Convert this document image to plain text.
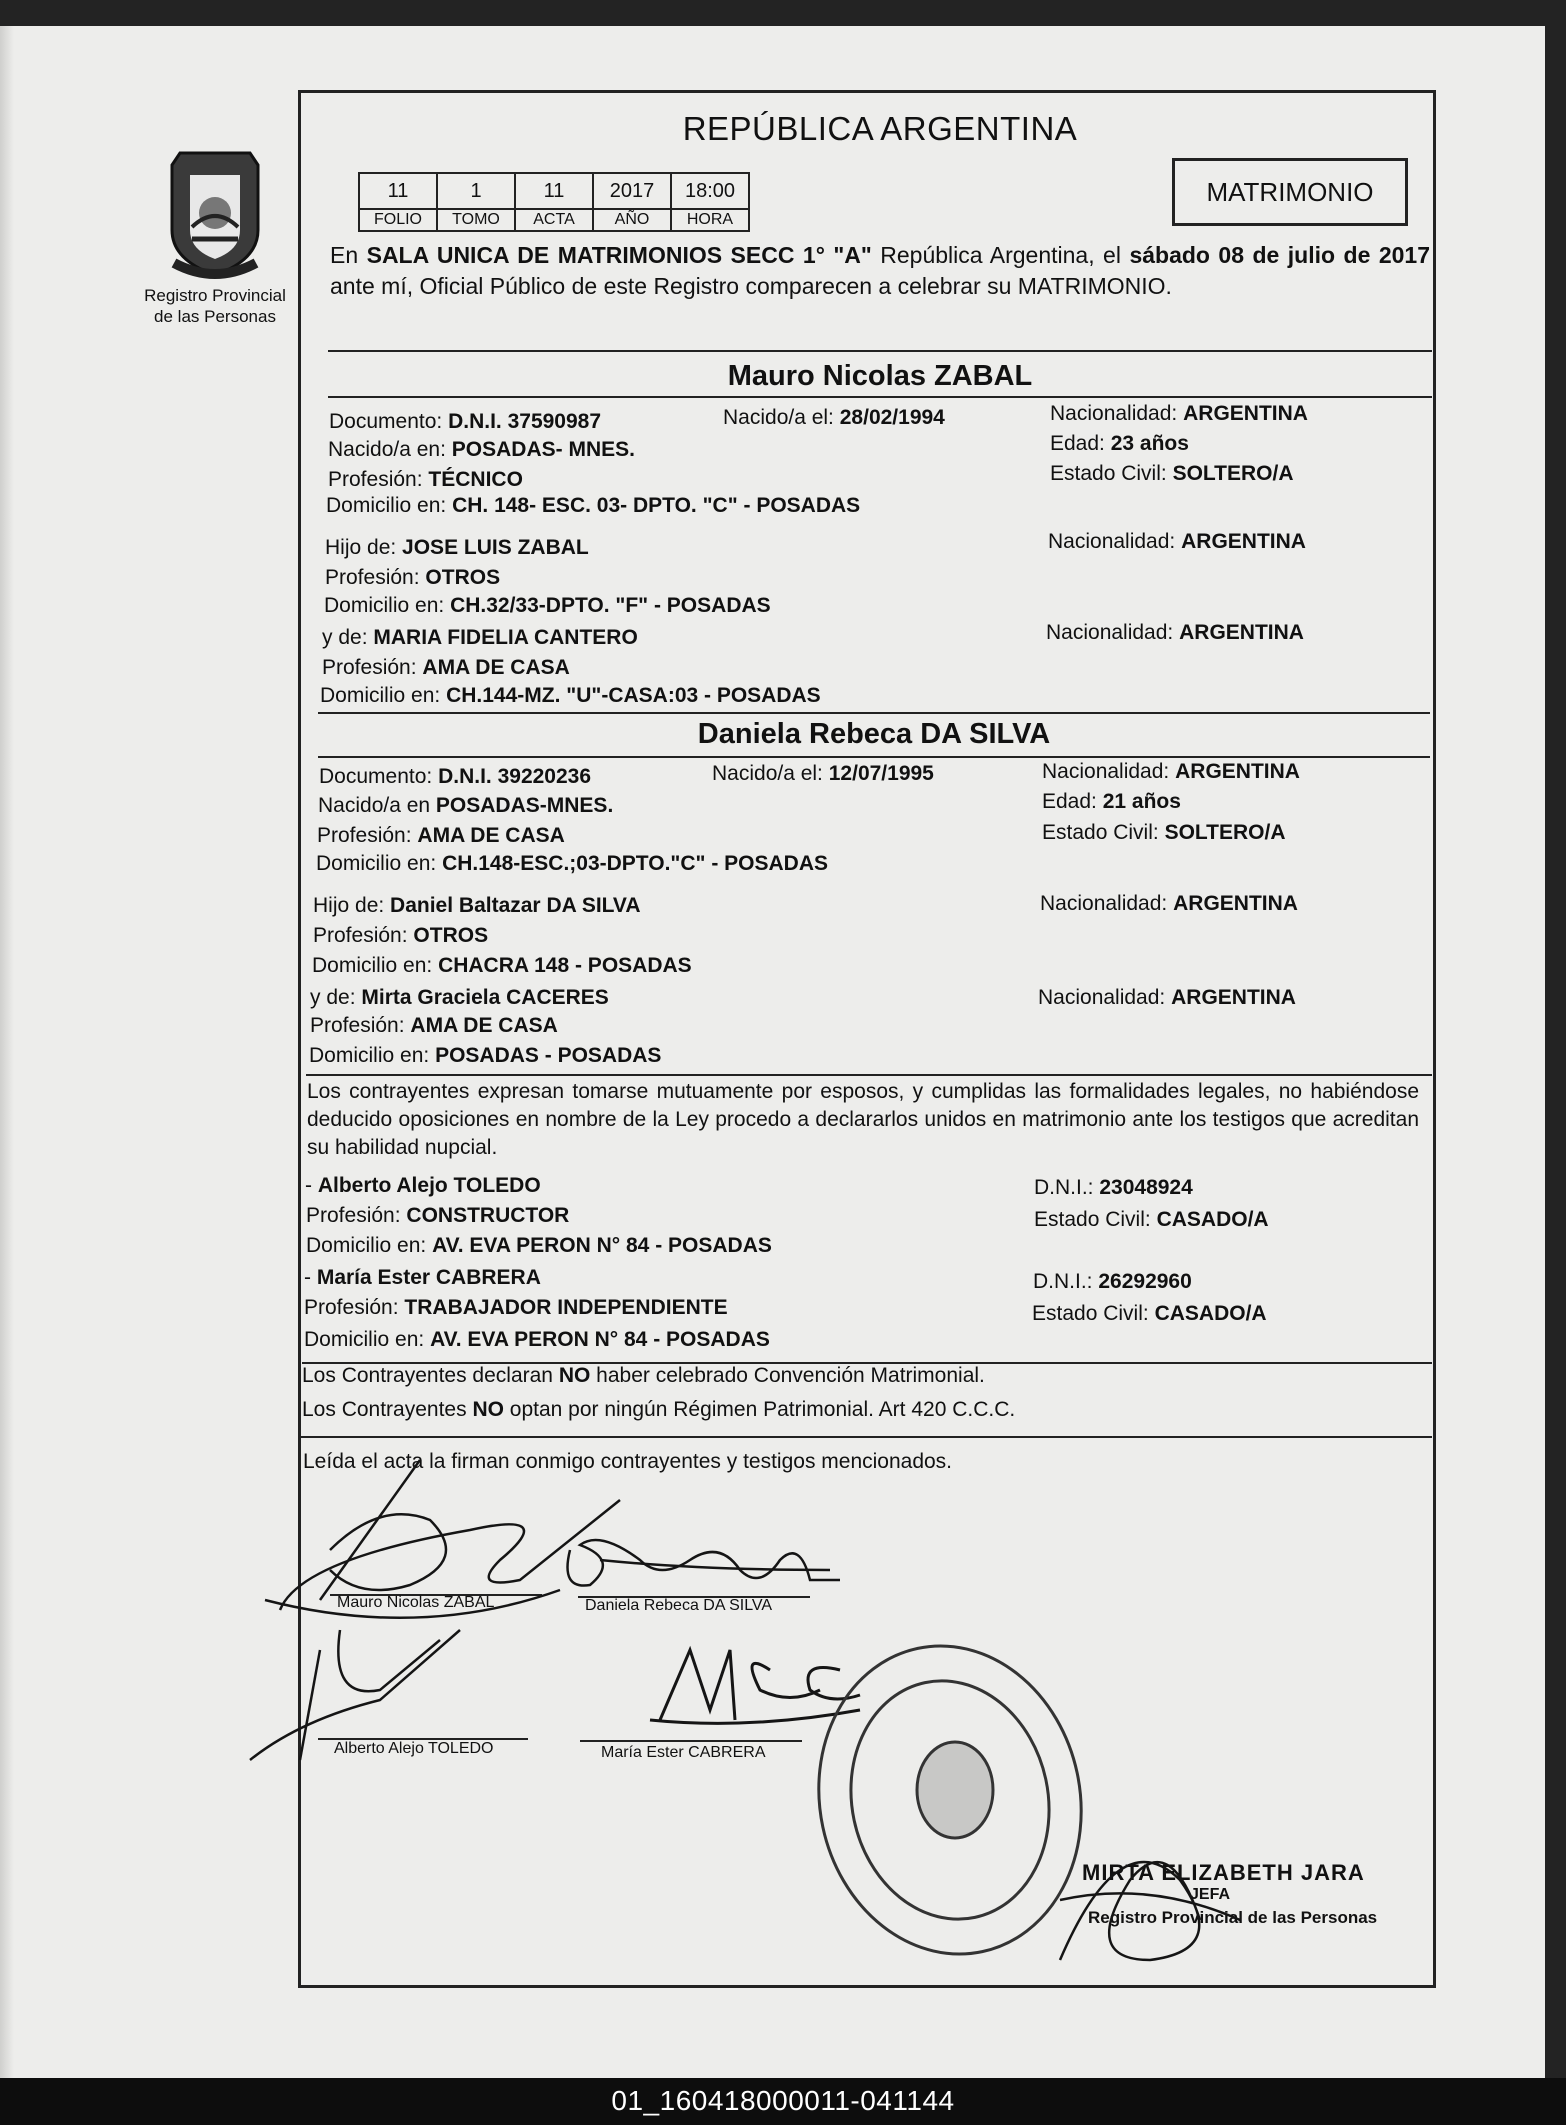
Registro Provincial
de las Personas
REPÚBLICA ARGENTINA
11	1	11	2017	18:00
FOLIO	TOMO	ACTA	AÑO	HORA
MATRIMONIO
En SALA UNICA DE MATRIMONIOS SECC 1° "A" República Argentina, el sábado 08 de julio de 2017 ante mí, Oficial Público de este Registro comparecen a celebrar su MATRIMONIO.
Mauro Nicolas ZABAL
Documento: D.N.I. 37590987	Nacido/a el: 28/02/1994	Nacionalidad: ARGENTINA
Nacido/a en: POSADAS- MNES.	Edad: 23 años
Profesión: TÉCNICO	Estado Civil: SOLTERO/A
Domicilio en: CH. 148- ESC. 03- DPTO. "C" - POSADAS
Hijo de: JOSE LUIS ZABAL	Nacionalidad: ARGENTINA
Profesión: OTROS
Domicilio en: CH.32/33-DPTO. "F" - POSADAS
y de: MARIA FIDELIA CANTERO	Nacionalidad: ARGENTINA
Profesión: AMA DE CASA
Domicilio en: CH.144-MZ. "U"-CASA:03 - POSADAS
Daniela Rebeca DA SILVA
Documento: D.N.I. 39220236	Nacido/a el: 12/07/1995	Nacionalidad: ARGENTINA
Nacido/a en POSADAS-MNES.	Edad: 21 años
Profesión: AMA DE CASA	Estado Civil: SOLTERO/A
Domicilio en: CH.148-ESC.;03-DPTO."C" - POSADAS
Hijo de: Daniel Baltazar DA SILVA	Nacionalidad: ARGENTINA
Profesión: OTROS
Domicilio en: CHACRA 148 - POSADAS
y de: Mirta Graciela CACERES	Nacionalidad: ARGENTINA
Profesión: AMA DE CASA
Domicilio en: POSADAS - POSADAS
Los contrayentes expresan tomarse mutuamente por esposos, y cumplidas las formalidades legales, no habiéndose deducido oposiciones en nombre de la Ley procedo a declararlos unidos en matrimonio ante los testigos que acreditan su habilidad nupcial.
- Alberto Alejo TOLEDO	D.N.I.: 23048924
Profesión: CONSTRUCTOR	Estado Civil: CASADO/A
Domicilio en: AV. EVA PERON N° 84 - POSADAS
- María Ester CABRERA	D.N.I.: 26292960
Profesión: TRABAJADOR INDEPENDIENTE	Estado Civil: CASADO/A
Domicilio en: AV. EVA PERON N° 84 - POSADAS
Los Contrayentes declaran NO haber celebrado Convención Matrimonial.
Los Contrayentes NO optan por ningún Régimen Patrimonial. Art 420 C.C.C.
Leída el acta la firman conmigo contrayentes y testigos mencionados.
Mauro Nicolas ZABAL	Daniela Rebeca DA SILVA
Alberto Alejo TOLEDO	María Ester CABRERA
MIRTA ELIZABETH JARA
JEFA
Registro Provincial de las Personas
01_160418000011-041144
